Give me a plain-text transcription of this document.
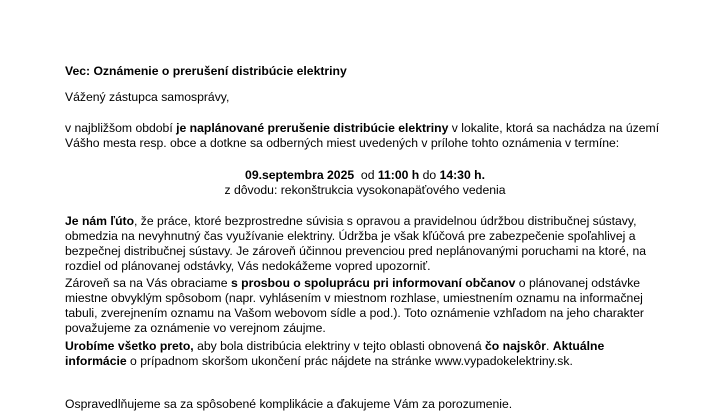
Vec: Oznámenie o prerušení distribúcie elektriny

Vážený zástupca samosprávy,

v najbližšom období je naplánované prerušenie distribúcie elektriny v lokalite, ktorá sa nachádza na území Vášho mesta resp. obce a dotkne sa odberných miest uvedených v prílohe tohto oznámenia v termíne:

09.septembra 2025 od 11:00 h do 14:30 h.
z dôvodu: rekonštrukcia vysokonapäťového vedenia

Je nám ľúto, že práce, ktoré bezprostredne súvisia s opravou a pravidelnou údržbou distribučnej sústavy, obmedzia na nevyhnutný čas využívanie elektriny. Údržba je však kľúčová pre zabezpečenie spoľahlivej a bezpečnej distribučnej sústavy. Je zároveň účinnou prevenciou pred neplánovanými poruchami na ktoré, na rozdiel od plánovanej odstávky, Vás nedokážeme vopred upozorniť.

Zároveň sa na Vás obraciame s prosbou o spoluprácu pri informovaní občanov o plánovanej odstávke miestne obvyklým spôsobom (napr. vyhlásením v miestnom rozhlase, umiestnením oznamu na informačnej tabuli, zverejnením oznamu na Vašom webovom sídle a pod.). Toto oznámenie vzhľadom na jeho charakter považujeme za oznámenie vo verejnom záujme.

Urobíme všetko preto, aby bola distribúcia elektriny v tejto oblasti obnovená čo najskôr. Aktuálne informácie o prípadnom skoršom ukončení prác nájdete na stránke www.vypadokelektriny.sk.

Ospravedlňujeme sa za spôsobené komplikácie a ďakujeme Vám za porozumenie.
